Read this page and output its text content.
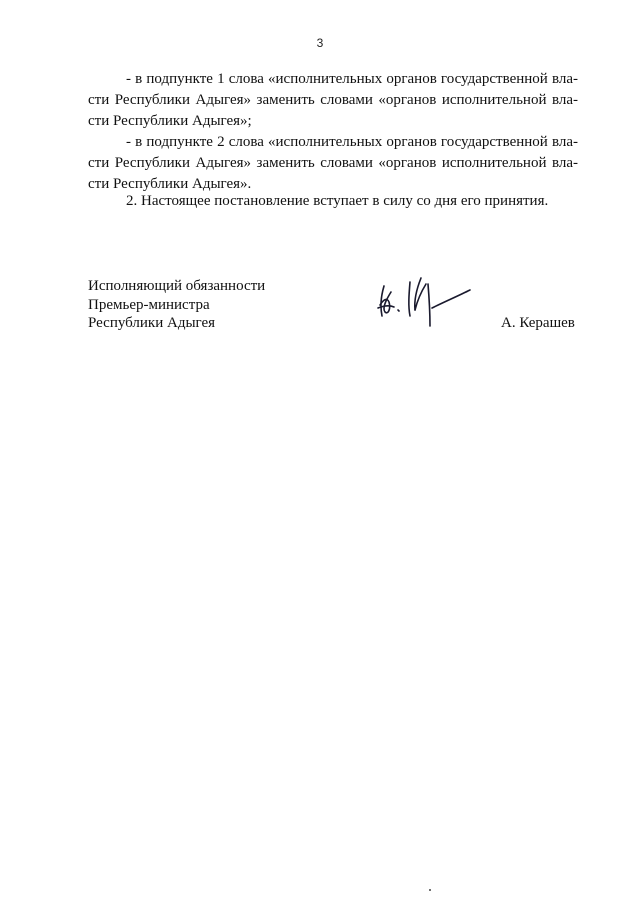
3
- в подпункте 1 слова «исполнительных органов государственной вла-
сти Республики Адыгея» заменить словами «органов исполнительной вла-
сти Республики Адыгея»;
- в подпункте 2 слова «исполнительных органов государственной вла-
сти Республики Адыгея» заменить словами «органов исполнительной вла-
сти Республики Адыгея».

2. Настоящее постановление вступает в силу со дня его принятия.

Исполняющий обязанности

Премьер-министра

Республики Адыгея	А. Керашев
